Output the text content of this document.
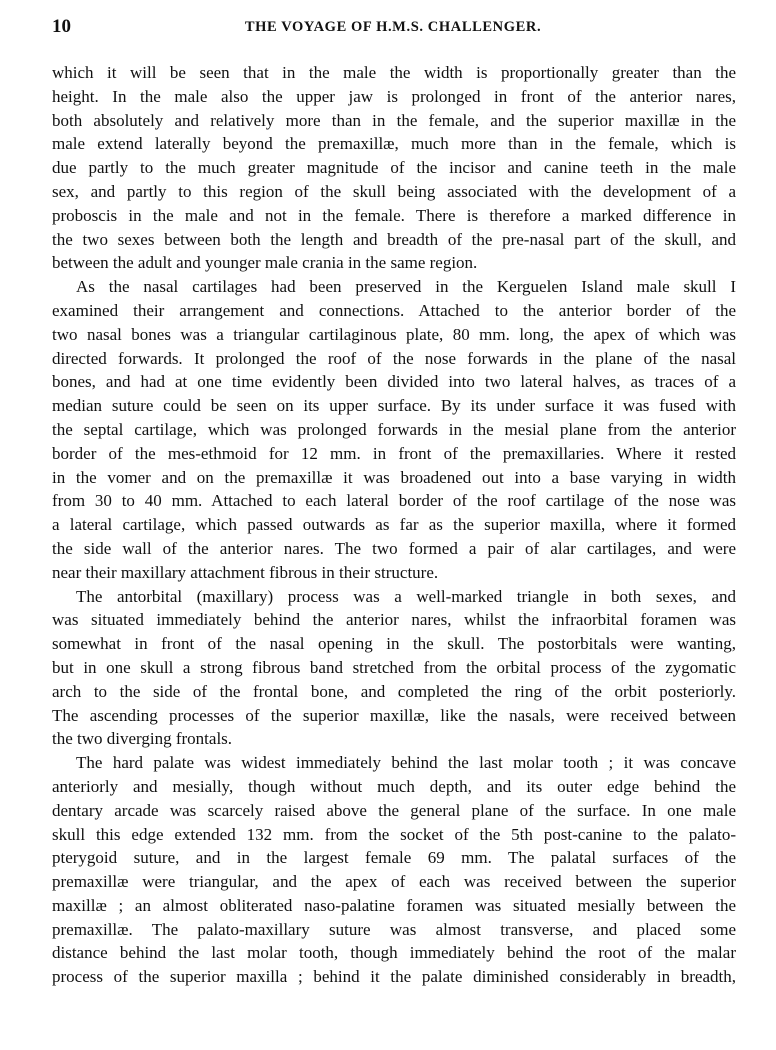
10	THE VOYAGE OF H.M.S. CHALLENGER.
which it will be seen that in the male the width is proportionally greater than the
height. In the male also the upper jaw is prolonged in front of the anterior nares,
both absolutely and relatively more than in the female, and the superior maxillæ in the
male extend laterally beyond the premaxillæ, much more than in the female, which is
due partly to the much greater magnitude of the incisor and canine teeth in the male
sex, and partly to this region of the skull being associated with the development of a
proboscis in the male and not in the female. There is therefore a marked difference in
the two sexes between both the length and breadth of the pre-nasal part of the skull, and
between the adult and younger male crania in the same region.
As the nasal cartilages had been preserved in the Kerguelen Island male skull I
examined their arrangement and connections. Attached to the anterior border of the
two nasal bones was a triangular cartilaginous plate, 80 mm. long, the apex of which was
directed forwards. It prolonged the roof of the nose forwards in the plane of the nasal
bones, and had at one time evidently been divided into two lateral halves, as traces of a
median suture could be seen on its upper surface. By its under surface it was fused with
the septal cartilage, which was prolonged forwards in the mesial plane from the anterior
border of the mes-ethmoid for 12 mm. in front of the premaxillaries. Where it rested
in the vomer and on the premaxillæ it was broadened out into a base varying in width
from 30 to 40 mm. Attached to each lateral border of the roof cartilage of the nose was
a lateral cartilage, which passed outwards as far as the superior maxilla, where it formed
the side wall of the anterior nares. The two formed a pair of alar cartilages, and were
near their maxillary attachment fibrous in their structure.
The antorbital (maxillary) process was a well-marked triangle in both sexes, and
was situated immediately behind the anterior nares, whilst the infraorbital foramen was
somewhat in front of the nasal opening in the skull. The postorbitals were wanting,
but in one skull a strong fibrous band stretched from the orbital process of the zygomatic
arch to the side of the frontal bone, and completed the ring of the orbit posteriorly.
The ascending processes of the superior maxillæ, like the nasals, were received between
the two diverging frontals.
The hard palate was widest immediately behind the last molar tooth ; it was concave
anteriorly and mesially, though without much depth, and its outer edge behind the
dentary arcade was scarcely raised above the general plane of the surface. In one male
skull this edge extended 132 mm. from the socket of the 5th post-canine to the palato-
pterygoid suture, and in the largest female 69 mm. The palatal surfaces of the
premaxillæ were triangular, and the apex of each was received between the superior
maxillæ ; an almost obliterated naso-palatine foramen was situated mesially between the
premaxillæ. The palato-maxillary suture was almost transverse, and placed some
distance behind the last molar tooth, though immediately behind the root of the malar
process of the superior maxilla ; behind it the palate diminished considerably in breadth,
